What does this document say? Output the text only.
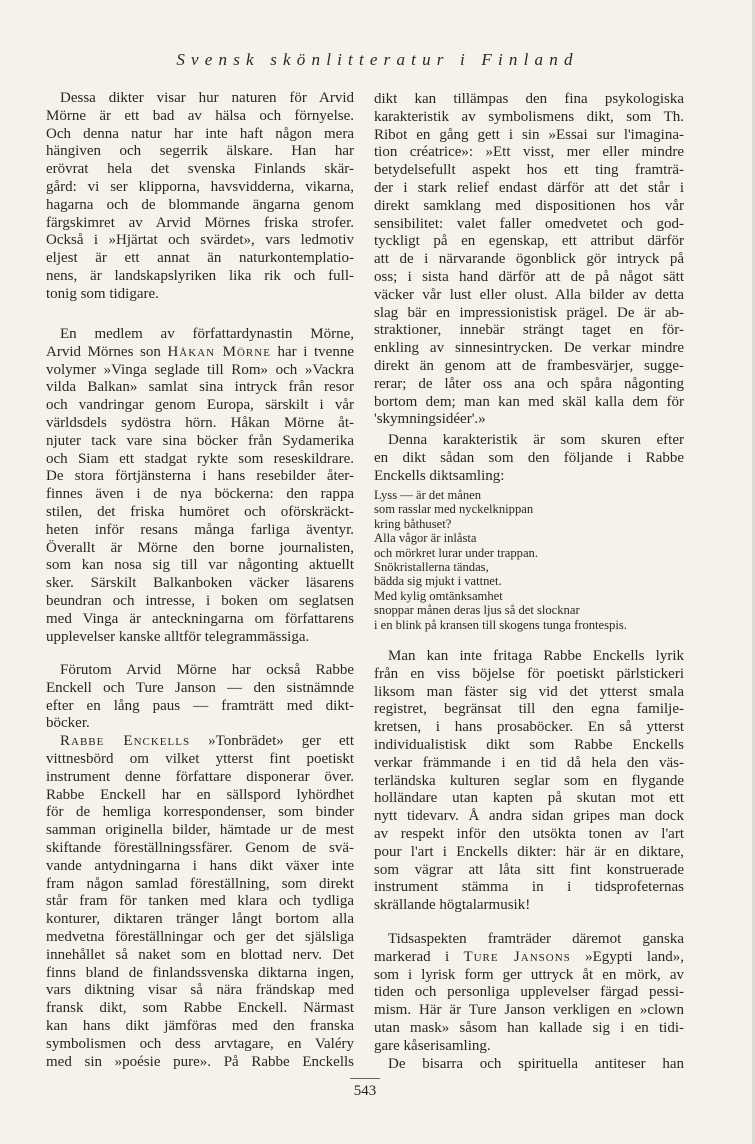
Svensk skönlitteratur i Finland
Dessa dikter visar hur naturen för Arvid
Mörne är ett bad av hälsa och förnyelse.
Och denna natur har inte haft någon mera
hängiven och segerrik älskare. Han har
erövrat hela det svenska Finlands skär-
gård: vi ser klipporna, havsvidderna, vikarna,
hagarna och de blommande ängarna genom
färgskimret av Arvid Mörnes friska strofer.
Också i »Hjärtat och svärdet», vars ledmotiv
eljest är ett annat än naturkontemplatio-
nens, är landskapslyriken lika rik och full-
tonig som tidigare.
En medlem av författardynastin Mörne,
Arvid Mörnes son Håkan Mörne har i tvenne
volymer »Vinga seglade till Rom» och »Vackra
vilda Balkan» samlat sina intryck från resor
och vandringar genom Europa, särskilt i vår
världsdels sydöstra hörn. Håkan Mörne åt-
njuter tack vare sina böcker från Sydamerika
och Siam ett stadgat rykte som reseskildrare.
De stora förtjänsterna i hans resebilder åter-
finnes även i de nya böckerna: den rappa
stilen, det friska humöret och oförskräckt-
heten inför resans många farliga äventyr.
Överallt är Mörne den borne journalisten,
som kan nosa sig till var någonting aktuellt
sker. Särskilt Balkanboken väcker läsarens
beundran och intresse, i boken om seglatsen
med Vinga är anteckningarna om författarens
upplevelser kanske alltför telegrammässiga.
Förutom Arvid Mörne har också Rabbe
Enckell och Ture Janson — den sistnämnde
efter en lång paus — framträtt med dikt-
böcker.
Rabbe Enckells »Tonbrädet» ger ett
vittnesbörd om vilket ytterst fint poetiskt
instrument denne författare disponerar över.
Rabbe Enckell har en sällspord lyhördhet
för de hemliga korrespondenser, som binder
samman originella bilder, hämtade ur de mest
skiftande föreställningssfärer. Genom de svä-
vande antydningarna i hans dikt växer inte
fram någon samlad föreställning, som direkt
står fram för tanken med klara och tydliga
konturer, diktaren tränger långt bortom alla
medvetna föreställningar och ger det själsliga
innehållet så naket som en blottad nerv. Det
finns bland de finlandssvenska diktarna ingen,
vars diktning visar så nära frändskap med
fransk dikt, som Rabbe Enckell. Närmast
kan hans dikt jämföras med den franska
symbolismen och dess arvtagare, en Valéry
med sin »poésie pure». På Rabbe Enckells
dikt kan tillämpas den fina psykologiska
karakteristik av symbolismens dikt, som Th.
Ribot en gång gett i sin »Essai sur l'imagina-
tion créatrice»: »Ett visst, mer eller mindre
betydelsefullt aspekt hos ett ting framträ-
der i stark relief endast därför att det står i
direkt samklang med dispositionen hos vår
sensibilitet: valet faller omedvetet och god-
tyckligt på en egenskap, ett attribut därför
att de i närvarande ögonblick gör intryck på
oss; i sista hand därför att de på något sätt
väcker vår lust eller olust. Alla bilder av detta
slag bär en impressionistisk prägel. De är ab-
straktioner, innebär strängt taget en för-
enkling av sinnesintrycken. De verkar mindre
direkt än genom att de frambesvärjer, sugge-
rerar; de låter oss ana och spåra någonting
bortom dem; man kan med skäl kalla dem för
'skymningsidéer'.»
Denna karakteristik är som skuren efter
en dikt sådan som den följande i Rabbe
Enckells diktsamling:
Lyss — är det månen
som rasslar med nyckelknippan
kring båthuset?
Alla vågor är inlåsta
och mörkret lurar under trappan.
Snökristallerna tändas,
bädda sig mjukt i vattnet.
Med kylig omtänksamhet
snoppar månen deras ljus så det slocknar
i en blink på kransen till skogens tunga frontespis.
Man kan inte fritaga Rabbe Enckells lyrik
från en viss böjelse för poetiskt pärlstickeri
liksom man fäster sig vid det ytterst smala
registret, begränsat till den egna familje-
kretsen, i hans prosaböcker. En så ytterst
individualistisk dikt som Rabbe Enckells
verkar främmande i en tid då hela den väs-
terländska kulturen seglar som en flygande
holländare utan kapten på skutan mot ett
nytt tidevarv. Å andra sidan gripes man dock
av respekt inför den utsökta tonen av l'art
pour l'art i Enckells dikter: här är en diktare,
som vägrar att låta sitt fint konstruerade
instrument stämma in i tidsprofeternas
skrällande högtalarmusik!
Tidsaspekten framträder däremot ganska
markerad i Ture Jansons »Egypti land»,
som i lyrisk form ger uttryck åt en mörk, av
tiden och personliga upplevelser färgad pessi-
mism. Här är Ture Janson verkligen en »clown
utan mask» såsom han kallade sig i en tidi-
gare kåserisamling.
De bisarra och spirituella antiteser han
543
